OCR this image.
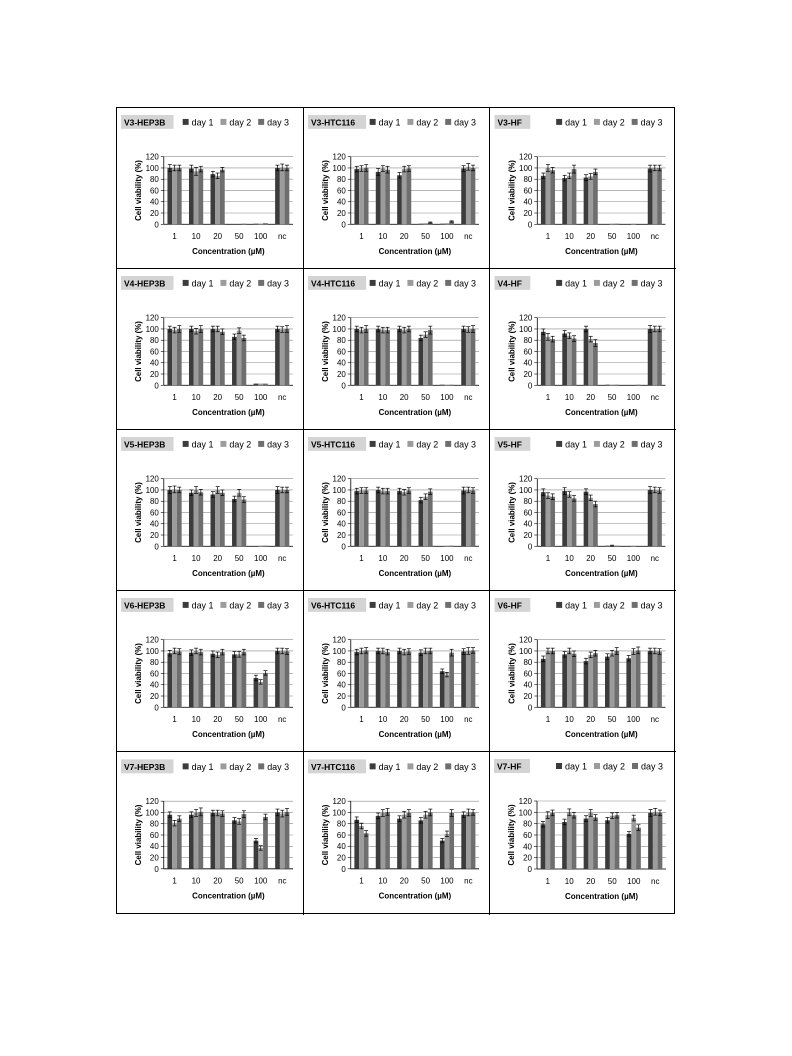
V3-HEP3B	day 1 day 2 day 3
0
20
40
60
80
100
120
1 10 20 50 100 nc
Concentration (µM)
Cell viability (%)
V3-HTC116	day 1 day 2 day 3
0
20
40
60
80
100
120
1 10 20 50 100 nc
Concentration (µM)
Cell viability (%)
V3-HF	day 1 day 2 day 3
0
20
40
60
80
100
120
1 10 20 50 100 nc
Concentration (µM)
Cell viability (%)
V4-HEP3B	day 1 day 2 day 3
0
20
40
60
80
100
120
1 10 20 50 100 nc
Concentration (µM)
Cell viability (%)
V4-HTC116	day 1 day 2 day 3
0
20
40
60
80
100
120
1 10 20 50 100 nc
Concentration (µM)
Cell viability (%)
V4-HF	day 1 day 2 day 3
0
20
40
60
80
100
120
1 10 20 50 100 nc
Concentration (µM)
Cell viability (%)
V5-HEP3B	day 1 day 2 day 3
0
20
40
60
80
100
120
1 10 20 50 100 nc
Concentration (µM)
Cell viability (%)
V5-HTC116	day 1 day 2 day 3
0
20
40
60
80
100
120
1 10 20 50 100 nc
Concentration (µM)
Cell viability (%)
V5-HF	day 1 day 2 day 3
0
20
40
60
80
100
120
1 10 20 50 100 nc
Concentration (µM)
Cell viability (%)
V6-HEP3B	day 1 day 2 day 3
0
20
40
60
80
100
120
1 10 20 50 100 nc
Concentration (µM)
Cell viability (%)
V6-HTC116	day 1 day 2 day 3
0
20
40
60
80
100
120
1 10 20 50 100 nc
Concentration (µM)
Cell viability (%)
V6-HF	day 1 day 2 day 3
0
20
40
60
80
100
120
1 10 20 50 100 nc
Concentration (µM)
Cell viability (%)
V7-HEP3B	day 1 day 2 day 3
0
20
40
60
80
100
120
1 10 20 50 100 nc
Concentration (µM)
Cell viability (%)
V7-HTC116	day 1 day 2 day 3
0
20
40
60
80
100
120
1 10 20 50 100 nc
Concentration (µM)
Cell viability (%)
V7-HF	day 1 day 2 day 3
0
20
40
60
80
100
120
1 10 20 50 100 nc
Concentration (µM)
Cell viability (%)
